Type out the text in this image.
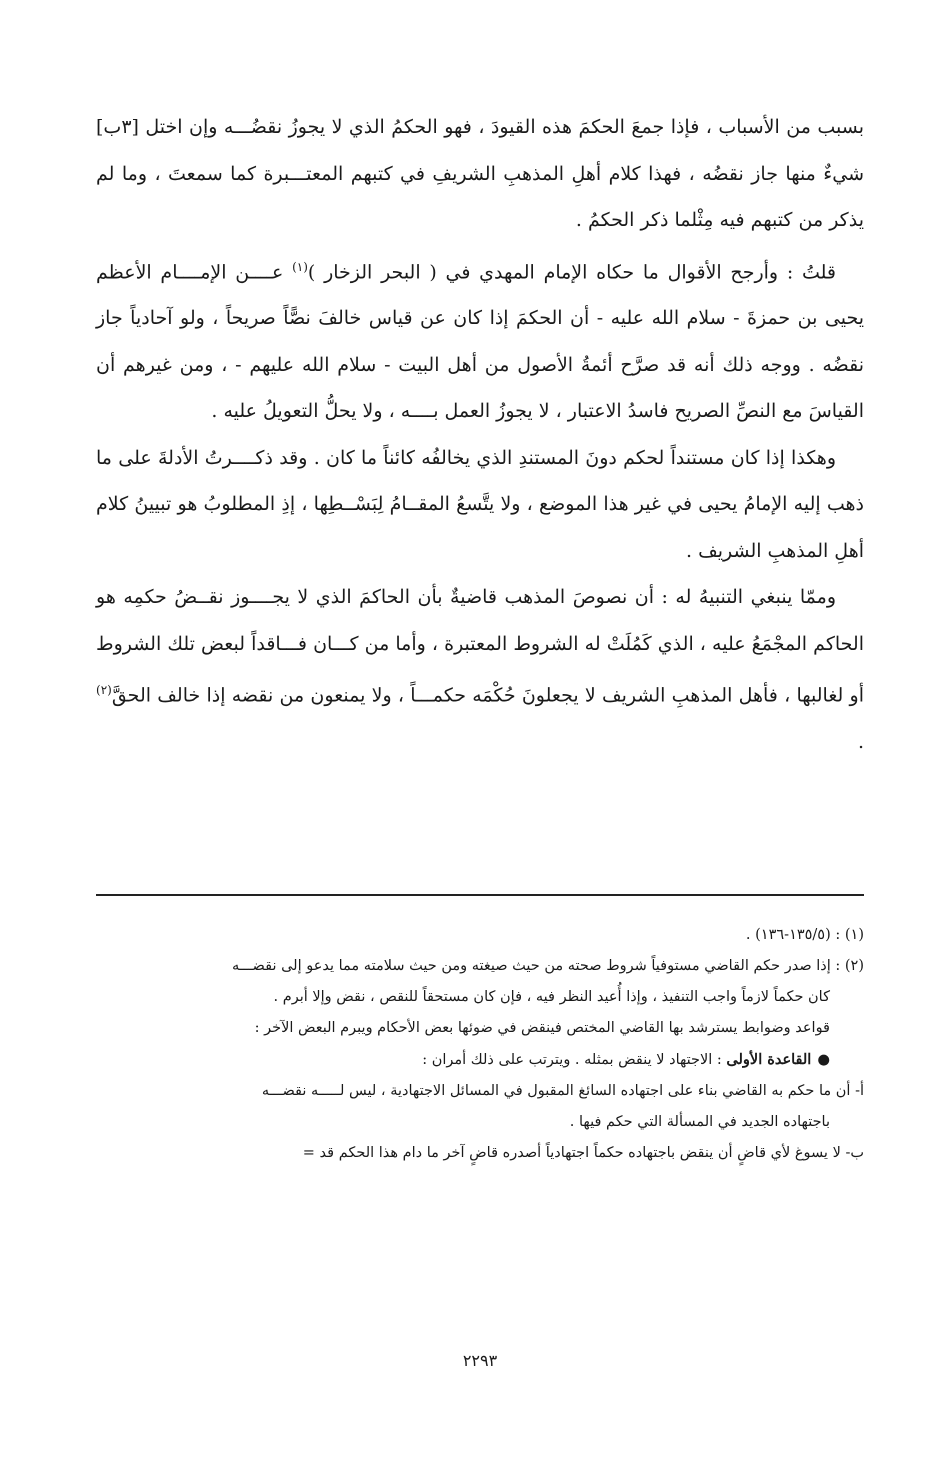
بسبب من الأسباب ، فإذا جمعَ الحكمَ هذه القيودَ ، فهو الحكمُ الذي لا يجوزُ نقضُـــه وإن اختل [٣ب] شيءٌ منها جاز نقضُه ، فهذا كلام أهلِ المذهبِ الشريفِ في كتبهم المعتـــبرة كما سمعتَ ، وما لم يذكر من كتبهم فيه مِثْلما ذكر الحكمُ .

قلتُ : وأرجح الأقوال ما حكاه الإمام المهدي في ( البحر الزخار )$^{(١)}$ عــــن الإمــــام الأعظم يحيى بن حمزةَ - سلام الله عليه - أن الحكمَ إذا كان عن قياس خالفَ نصًّاً صريحاً ، ولو آحادياً جاز نقضُه . ووجه ذلك أنه قد صرَّح أئمةُ الأصول من أهل البيت - سلام الله عليهم - ، ومن غيرهم أن القياسَ مع النصِّ الصريح فاسدُ الاعتبار ، لا يجوزُ العمل بــــه ، ولا يحلُّ التعويلُ عليه .

وهكذا إذا كان مستنداً لحكم دونَ المستندِ الذي يخالفُه كائناً ما كان . وقد ذكــــرتُ الأدلةَ على ما ذهب إليه الإمامُ يحيى في غير هذا الموضع ، ولا يتَّسعُ المقــامُ لِبَسْــطِها ، إذِ المطلوبُ هو تبيينُ كلام أهلِ المذهبِ الشريف .

وممّا ينبغي التنبيهُ له : أن نصوصَ المذهب قاضيةٌ بأن الحاكمَ الذي لا يجــــوز نقــضُ حكمِه هو الحاكم المجْمَعُ عليه ، الذي كَمُلَتْ له الشروط المعتبرة ، وأما من كـــان فـــاقداً لبعض تلك الشروط أو لغالبها ، فأهل المذهبِ الشريف لا يجعلونَ حُكْمَه حكمـــاً ، ولا يمنعون من نقضه إذا خالف الحقَّ$^{(٢)}$ .

(١) : (١٣٥/٥-١٣٦) .

(٢) : إذا صدر حكم القاضي مستوفياً شروط صحته من حيث صيغته ومن حيث سلامته مما يدعو إلى نقضـــه

كان حكماً لازماً واجب التنفيذ ، وإذا أُعيد النظر فيه ، فإن كان مستحقاً للنقص ، نقض وإلا أبرم .

قواعد وضوابط يسترشد بها القاضي المختص فينقض في ضوئها بعض الأحكام ويبرم البعض الآخر :

●القاعدة الأولى : الاجتهاد لا ينقض بمثله . ويترتب على ذلك أمران :

أ- أن ما حكم به القاضي بناء على اجتهاده السائغ المقبول في المسائل الاجتهادية ، ليس لـــــه نقضـــه

باجتهاده الجديد في المسألة التي حكم فيها .

ب- لا يسوغ لأي قاضٍ أن ينقض باجتهاده حكماً اجتهادياً أصدره قاضٍ آخر ما دام هذا الحكم قد =

٢٢٩٣
